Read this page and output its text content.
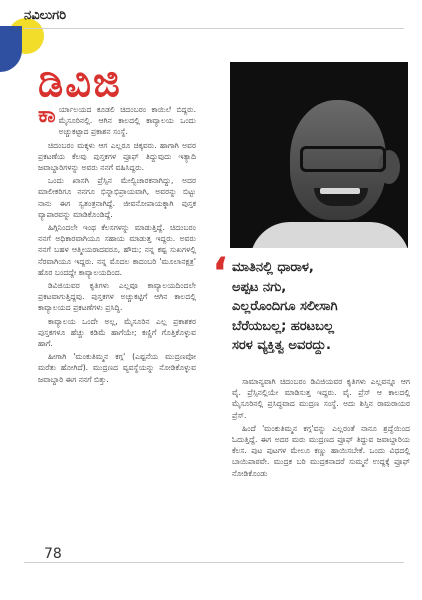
ನವಿಲುಗರಿ
ಡಿವಿಜಿ

ಕಾರ್ಯಾಲಯದ ಕೂಡಲಿ ಚಿದಂಬರಂ ಕಾಯಿಲೆ ಬಿದ್ದರು. ಮೈಸೂರಿನಲ್ಲಿ. ಆಗಿನ ಕಾಲದಲ್ಲಿ ಕಾವ್ಯಾಲಯ ಒಂದು ಅಚ್ಚುಕಟ್ಟಾದ ಪ್ರಕಾಶನ ಸಂಸ್ಥೆ.

ಚಿದಂಬರಂ ಮಕ್ಕಳು ಆಗ ಎಲ್ಲರೂ ಚಿಕ್ಕವರು. ಹಾಗಾಗಿ ಅವರ ಪ್ರಕಟಣೆಯ ಕೆಲವು ಪುಸ್ತಕಗಳ ಪ್ರೂಫ್ ತಿದ್ದುವುದು ಇತ್ಯಾದಿ ಜವಾಬ್ದಾರಿಗಳನ್ನು ಅವರು ನನಗೆ ವಹಿಸಿದ್ದರು.

ಒಂದು ಖಾಸಗಿ ಪ್ರೆಸ್ಸಿನ ಮೇಲ್ವಿಚಾರಕನಾಗಿದ್ದು, ಅದರ ಮಾಲೀಕರಿಗೂ ನನಗೂ ಭಿನ್ನಾಭಿಪ್ರಾಯವಾಗಿ, ಅವರನ್ನು ಬಿಟ್ಟು ನಾನು ಈಗ ಸ್ವತಂತ್ರನಾಗಿದ್ದೆ. ಜೀವನೋಪಾಯಕ್ಕಾಗಿ ಪುಸ್ತಕ ವ್ಯಾಪಾರವನ್ನು ಮಾಡಿಕೊಂಡಿದ್ದೆ.

ಹಿಗ್ಗಿನಿಂದಲೇ ಇಂಥ ಕೆಲಸಗಳನ್ನು ಮಾಡುತ್ತಿದ್ದೆ. ಚಿದಂಬರಂ ನನಗೆ ಅಧಿಕಾರವಾಗಿಯೂ ಸಹಾಯ ಮಾಡುತ್ತ ಇದ್ದರು. ಅವರು ನನಗೆ ಬಹಳ ಆತ್ಮೀಯರಾದವರೂ, ಹೌದು; ನನ್ನ ಕಷ್ಟ ಸುಖಗಳಲ್ಲಿ ನೆರವಾಗಿಯೂ ಇದ್ದರು. ನನ್ನ ಮೊದಲ ಕಾದಂಬರಿ 'ಮೂಲಾನಕ್ಷತ್ರ' ಹೊರ ಬಂದದ್ದೇ ಕಾವ್ಯಾಲಯದಿಂದ.

ಡಿವಿಜಿಯವರ ಕೃತಿಗಳು ಎಲ್ಲವೂ ಕಾವ್ಯಾಲಯದಿಂದಲೇ ಪ್ರಕಟವಾಗುತ್ತಿದ್ದವು. ಪುಸ್ತಕಗಳ ಅಚ್ಚುಕಟ್ಟಿಗೆ ಆಗಿನ ಕಾಲದಲ್ಲಿ ಕಾವ್ಯಾಲಯದ ಪ್ರಕಟಣೆಗಳು ಪ್ರಸಿದ್ಧಿ.

ಕಾವ್ಯಾಲಯ ಒಂದೇ ಅಲ್ಲ, ಮೈಸೂರಿನ ಎಲ್ಲ ಪ್ರಕಾಶಕರ ಪುಸ್ತಕಗಳೂ ಹೆಚ್ಚು ಕಡಿಮೆ ಹಾಗೆಯೇ; ಕಣ್ಣಿಗೆ ಗೊತ್ತಿಕೊಳ್ಳುವ ಹಾಗೆ.

ಹೀಗಾಗಿ 'ಮಂಕುತಿಮ್ಮನ ಕಗ್ಗ' (ಎಷ್ಟನೆಯ ಮುದ್ರಣವೋ ಮರೆತು ಹೋಗಿದೆ). ಮುದ್ರಣದ ವ್ಯವಸ್ಥೆಯನ್ನು ನೋಡಿಕೊಳ್ಳುವ ಜವಾಬ್ದಾರಿ ಈಗ ನನಗೆ ಬಿತ್ತು.

‘ ಮಾತಿನಲ್ಲಿ ಧಾರಾಳ,
ಅಪ್ಪಟ ನಗು,
ಎಲ್ಲರೊಂದಿಗೂ ಸಲೀಸಾಗಿ
ಬೆರೆಯಬಲ್ಲ; ಹರಟಬಲ್ಲ
ಸರಳ ವ್ಯಕ್ತಿತ್ವ ಅವರದ್ದು.

ಸಾಮಾನ್ಯವಾಗಿ ಚಿದಂಬರಂ ಡಿವಿಜಿಯವರ ಕೃತಿಗಳು ಎಲ್ಲವನ್ನೂ ಆಗ ವೈ. ಪ್ರೆಸ್ಸಿನಲ್ಲಿಯೇ ಮಾಡಿಸುತ್ತ ಇದ್ದರು. ವೈ. ಪ್ರೆಸ್ ಆ ಕಾಲದಲ್ಲಿ ಮೈಸೂರಿನಲ್ಲಿ ಪ್ರಸಿದ್ಧವಾದ ಮುದ್ರಣ ಸಂಸ್ಥೆ. ಅದು ಶಿಸ್ತಿನ ರಾಮರಾಯರ ಪ್ರೆಸ್.

ಹಿಂದೆ 'ಮಂಕುತಿಮ್ಮನ ಕಗ್ಗ'ವನ್ನು ಎಲ್ಲರಂತೆ ನಾನೂ ಶ್ರದ್ಧೆಯಿಂದ ಓದುತ್ತಿದ್ದೆ. ಈಗ ಅದರ ಮರು ಮುದ್ರಣದ ಪ್ರೂಫ್ ತಿದ್ದುವ ಜವಾಬ್ದಾರಿಯ ಕೆಲಸ. ಪುಟ ಪುಟಗಳ ಮೇಲೂ ಕಣ್ಣು ಹಾಯಿಸಬೇಕೆ. ಒಂದು ವಿಧದಲ್ಲಿ ಬಾಯಿಪಾಠವೇ. ಮುದ್ರಕ ಬರಿ ಮುದ್ರಕನಾದರೆ ಸುಮ್ಮನೆ ಉದ್ದಕ್ಕೆ ಪ್ರೂಫ್ ನೋಡಿಕೊಂಡು

78
